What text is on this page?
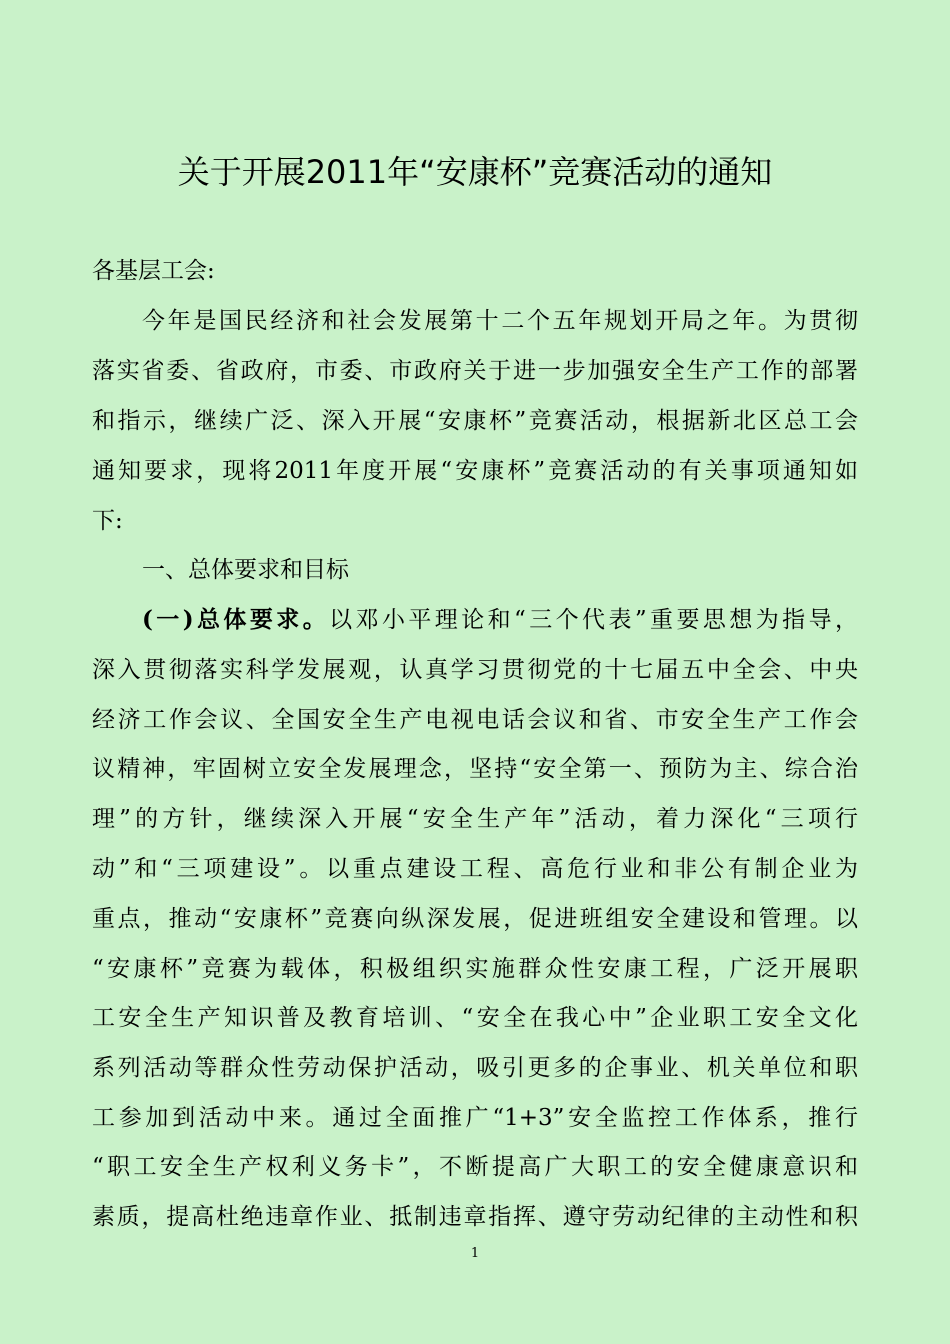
关于开展2011年“安康杯”竞赛活动的通知
各基层工会:
今年是国民经济和社会发展第十二个五年规划开局之年。为贯彻
落实省委、省政府，市委、市政府关于进一步加强安全生产工作的部署
和指示，继续广泛、深入开展“安康杯”竞赛活动，根据新北区总工会
通知要求，现将2011年度开展“安康杯”竞赛活动的有关事项通知如
下:
一、总体要求和目标
(一)总体要求。以邓小平理论和“三个代表”重要思想为指导，
深入贯彻落实科学发展观，认真学习贯彻党的十七届五中全会、中央
经济工作会议、全国安全生产电视电话会议和省、市安全生产工作会
议精神，牢固树立安全发展理念，坚持“安全第一、预防为主、综合治
理”的方针，继续深入开展“安全生产年”活动，着力深化“三项行
动”和“三项建设”。以重点建设工程、高危行业和非公有制企业为
重点，推动“安康杯”竞赛向纵深发展，促进班组安全建设和管理。以
“安康杯”竞赛为载体，积极组织实施群众性安康工程，广泛开展职
工安全生产知识普及教育培训、“安全在我心中”企业职工安全文化
系列活动等群众性劳动保护活动，吸引更多的企事业、机关单位和职
工参加到活动中来。通过全面推广“1+3”安全监控工作体系，推行
“职工安全生产权利义务卡”，不断提高广大职工的安全健康意识和
素质，提高杜绝违章作业、抵制违章指挥、遵守劳动纪律的主动性和积
1
